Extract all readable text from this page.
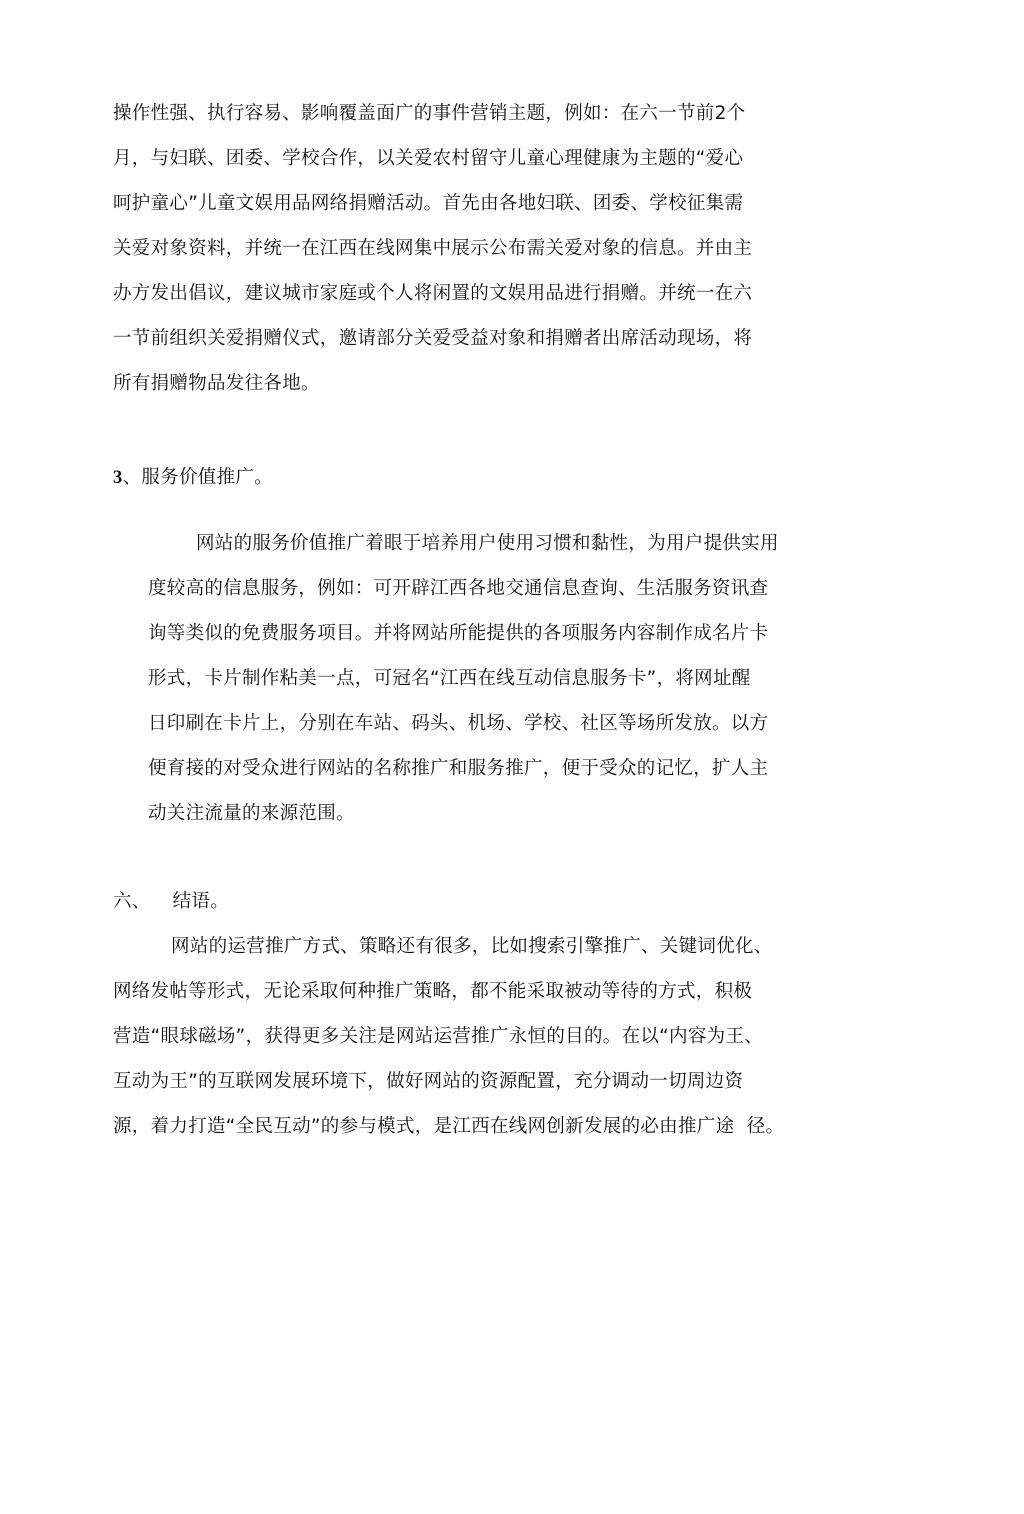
操作性强、执行容易、影响覆盖面广的事件营销主题，例如：在六一节前2个
月，与妇联、团委、学校合作，以关爱农村留守儿童心理健康为主题的“爱心
呵护童心”儿童文娱用品网络捐赠活动。首先由各地妇联、团委、学校征集需
关爱对象资料，并统一在江西在线网集中展示公布需关爱对象的信息。并由主
办方发出倡议，建议城市家庭或个人将闲置的文娱用品进行捐赠。并统一在六
一节前组织关爱捐赠仪式，邀请部分关爱受益对象和捐赠者出席活动现场，将
所有捐赠物品发往各地。
3、服务价值推广。
网站的服务价值推广着眼于培养用户使用习惯和黏性，为用户提供实用
度较高的信息服务，例如：可开辟江西各地交通信息查询、生活服务资讯查
询等类似的免费服务项目。并将网站所能提供的各项服务内容制作成名片卡
形式，卡片制作粘美一点，可冠名“江西在线互动信息服务卡”，将网址醒
日印刷在卡片上，分别在车站、码头、机场、学校、社区等场所发放。以方
便育接的对受众进行网站的名称推广和服务推广，便于受众的记忆，扩人主
动关注流量的来源范围。
六、 结语。
网站的运营推广方式、策略还有很多，比如搜索引擎推广、关键词优化、
网络发帖等形式，无论采取何种推广策略，都不能采取被动等待的方式，积极
营造“眼球磁场”，获得更多关注是网站运营推广永恒的目的。在以“内容为王、
互动为王”的互联网发展环境下，做好网站的资源配置，充分调动一切周边资
源，着力打造“全民互动”的参与模式，是江西在线网创新发展的必由推广途  径。
